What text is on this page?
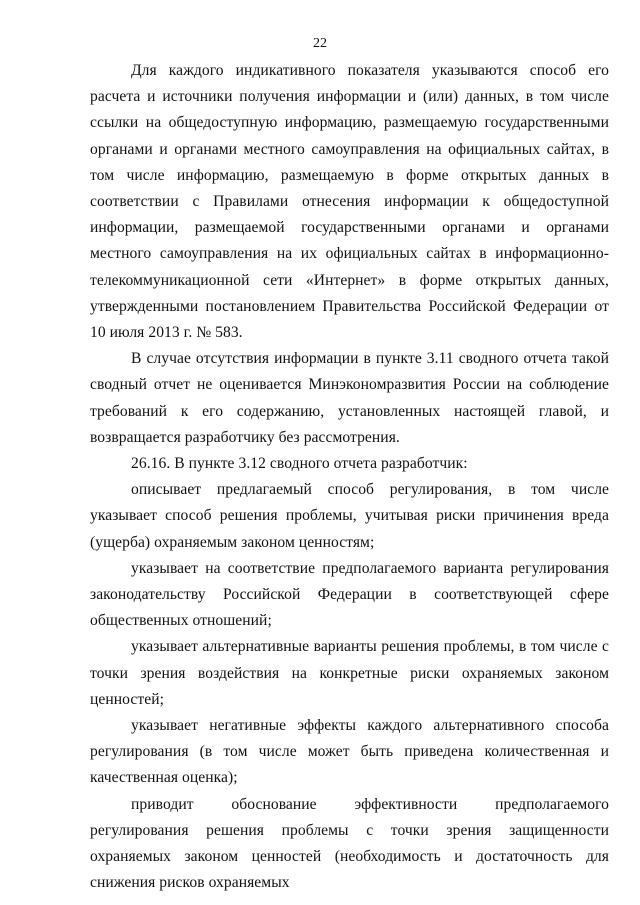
22

Для каждого индикативного показателя указываются способ его расчета и источники получения информации и (или) данных, в том числе ссылки на общедоступную информацию, размещаемую государственными органами и органами местного самоуправления на официальных сайтах, в том числе информацию, размещаемую в форме открытых данных в соответствии с Правилами отнесения информации к общедоступной информации, размещаемой государственными органами и органами местного самоуправления на их официальных сайтах в информационно-телекоммуникационной сети «Интернет» в форме открытых данных, утвержденными постановлением Правительства Российской Федерации от 10 июля 2013 г. № 583.

В случае отсутствия информации в пункте 3.11 сводного отчета такой сводный отчет не оценивается Минэкономразвития России на соблюдение требований к его содержанию, установленных настоящей главой, и возвращается разработчику без рассмотрения.

26.16. В пункте 3.12 сводного отчета разработчик:

описывает предлагаемый способ регулирования, в том числе указывает способ решения проблемы, учитывая риски причинения вреда (ущерба) охраняемым законом ценностям;

указывает на соответствие предполагаемого варианта регулирования законодательству Российской Федерации в соответствующей сфере общественных отношений;

указывает альтернативные варианты решения проблемы, в том числе с точки зрения воздействия на конкретные риски охраняемых законом ценностей;

указывает негативные эффекты каждого альтернативного способа регулирования (в том числе может быть приведена количественная и качественная оценка);

приводит обоснование эффективности предполагаемого регулирования решения проблемы с точки зрения защищенности охраняемых законом ценностей (необходимость и достаточность для снижения рисков охраняемых
